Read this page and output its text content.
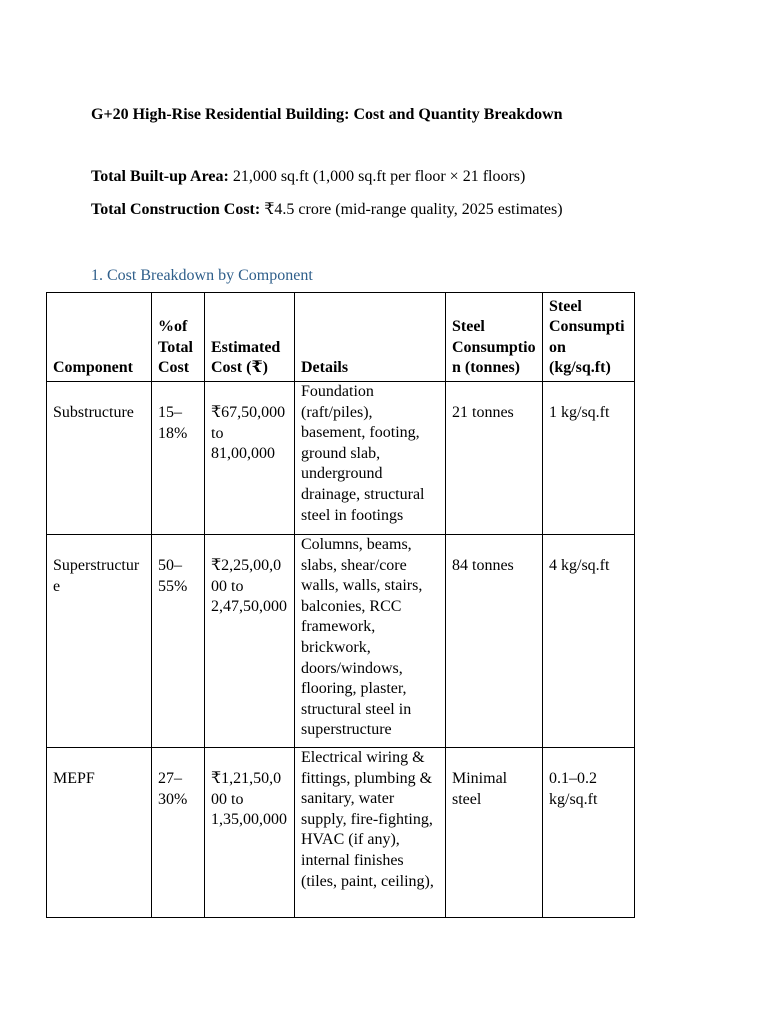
G+20 High-Rise Residential Building: Cost and Quantity Breakdown
Total Built-up Area: 21,000 sq.ft (1,000 sq.ft per floor × 21 floors)
Total Construction Cost: ₹4.5 crore (mid-range quality, 2025 estimates)
1. Cost Breakdown by Component
Component	%of Total Cost	Estimated Cost (₹)	Details	Steel Consumption (tonnes)	Steel Consumption (kg/sq.ft)

Substructure	15–18%	₹67,50,000 to 81,00,000	Foundation (raft/piles), basement, footing, ground slab, underground drainage, structural steel in footings	21 tonnes	1 kg/sq.ft

Superstructure	50–55%	₹2,25,00,000 to 2,47,50,000	Columns, beams, slabs, shear/core walls, walls, stairs, balconies, RCC framework, brickwork, doors/windows, flooring, plaster, structural steel in superstructure	84 tonnes	4 kg/sq.ft

MEPF	27–30%	₹1,21,50,000 to 1,35,00,000	Electrical wiring & fittings, plumbing & sanitary, water supply, fire-fighting, HVAC (if any), internal finishes (tiles, paint, ceiling),	Minimal steel	0.1–0.2 kg/sq.ft
